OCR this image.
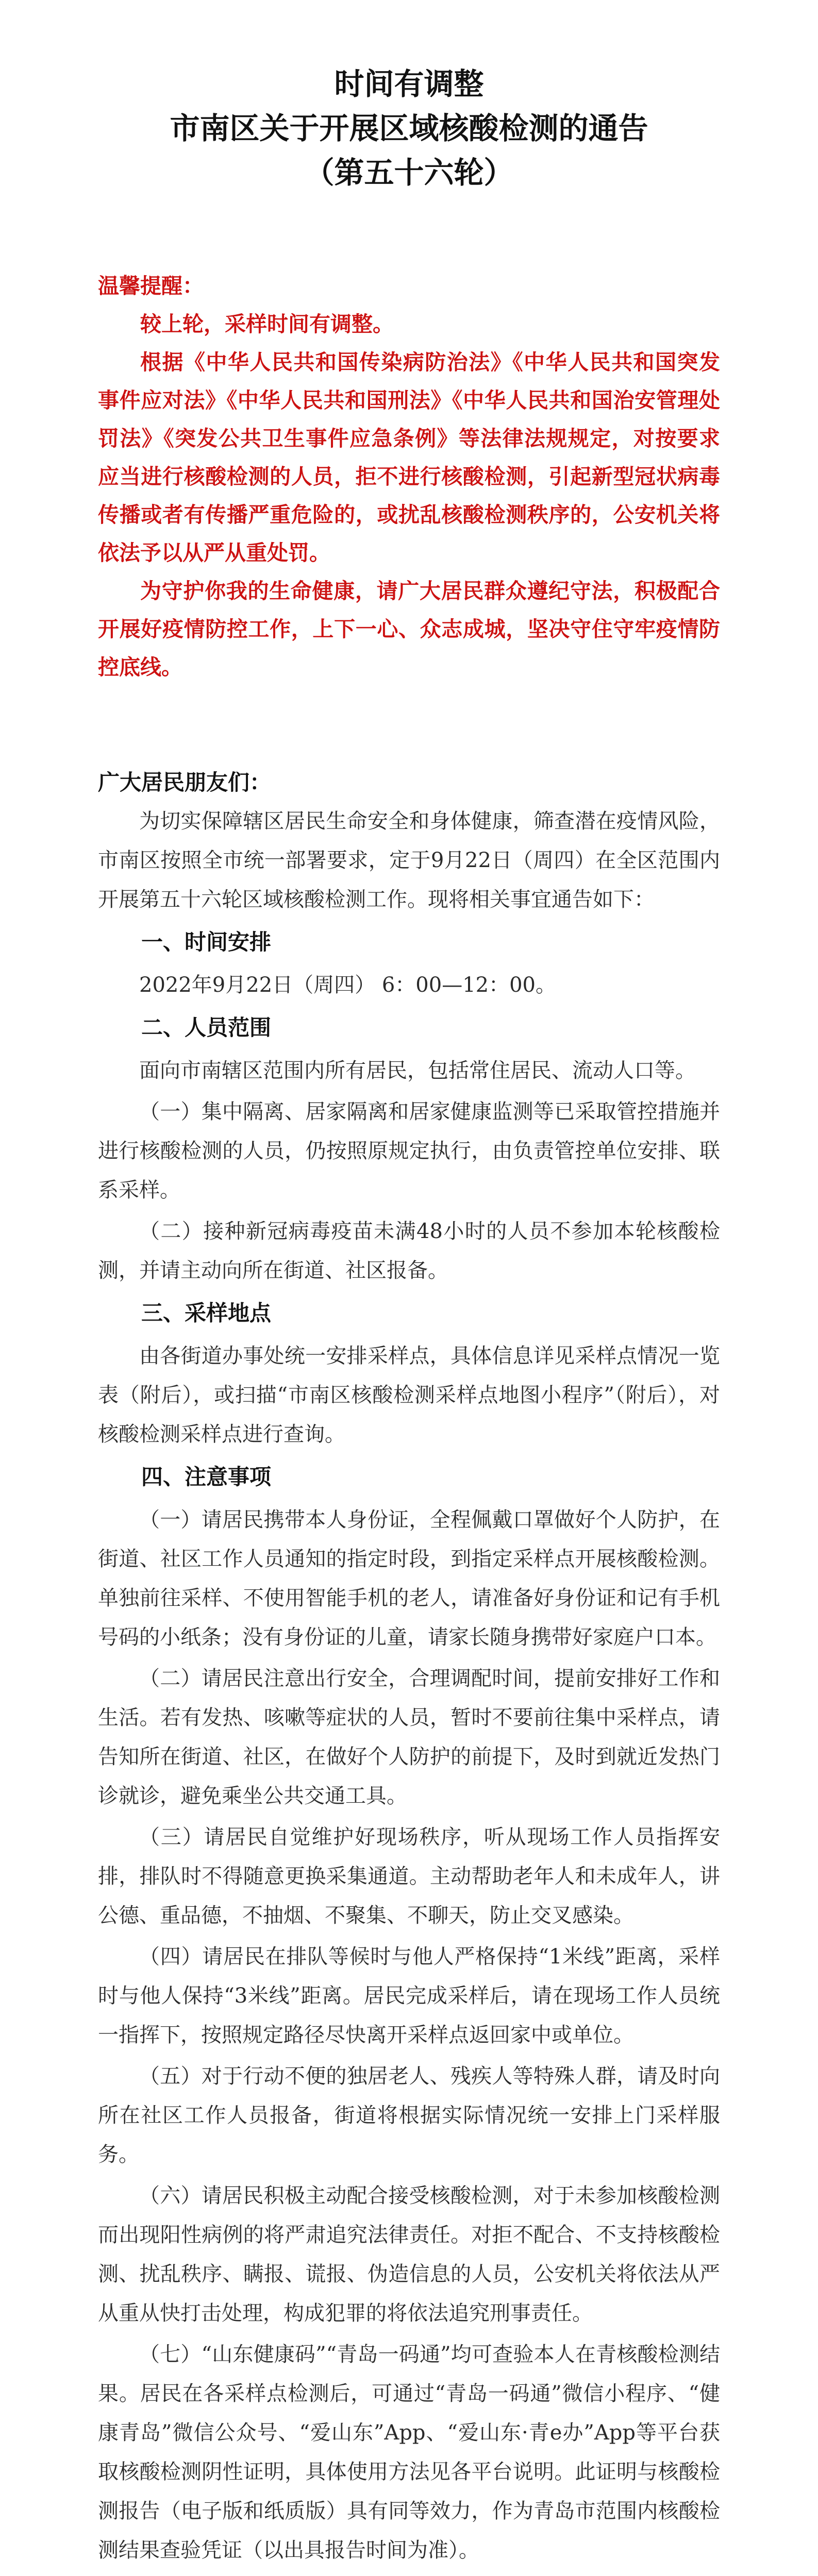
时间有调整
市南区关于开展区域核酸检测的通告
（第五十六轮）

温馨提醒：

较上轮，采样时间有调整。

根据《中华人民共和国传染病防治法》《中华人民共和国突发事件应对法》《中华人民共和国刑法》《中华人民共和国治安管理处罚法》《突发公共卫生事件应急条例》等法律法规规定，对按要求应当进行核酸检测的人员，拒不进行核酸检测，引起新型冠状病毒传播或者有传播严重危险的，或扰乱核酸检测秩序的，公安机关将依法予以从严从重处罚。

为守护你我的生命健康，请广大居民群众遵纪守法，积极配合开展好疫情防控工作，上下一心、众志成城，坚决守住守牢疫情防控底线。

广大居民朋友们：

为切实保障辖区居民生命安全和身体健康，筛查潜在疫情风险，市南区按照全市统一部署要求，定于9月22日（周四）在全区范围内开展第五十六轮区域核酸检测工作。现将相关事宜通告如下：

一、时间安排

2022年9月22日（周四） 6：00—12：00。

二、人员范围

面向市南辖区范围内所有居民，包括常住居民、流动人口等。

（一）集中隔离、居家隔离和居家健康监测等已采取管控措施并进行核酸检测的人员，仍按照原规定执行，由负责管控单位安排、联系采样。

（二）接种新冠病毒疫苗未满48小时的人员不参加本轮核酸检测，并请主动向所在街道、社区报备。

三、采样地点

由各街道办事处统一安排采样点，具体信息详见采样点情况一览表（附后），或扫描“市南区核酸检测采样点地图小程序”（附后），对核酸检测采样点进行查询。

四、注意事项

（一）请居民携带本人身份证，全程佩戴口罩做好个人防护，在街道、社区工作人员通知的指定时段，到指定采样点开展核酸检测。单独前往采样、不使用智能手机的老人，请准备好身份证和记有手机号码的小纸条；没有身份证的儿童，请家长随身携带好家庭户口本。

（二）请居民注意出行安全，合理调配时间，提前安排好工作和生活。若有发热、咳嗽等症状的人员，暂时不要前往集中采样点，请告知所在街道、社区，在做好个人防护的前提下，及时到就近发热门诊就诊，避免乘坐公共交通工具。

（三）请居民自觉维护好现场秩序，听从现场工作人员指挥安排，排队时不得随意更换采集通道。主动帮助老年人和未成年人，讲公德、重品德，不抽烟、不聚集、不聊天，防止交叉感染。

（四）请居民在排队等候时与他人严格保持“1米线”距离，采样时与他人保持“3米线”距离。居民完成采样后，请在现场工作人员统一指挥下，按照规定路径尽快离开采样点返回家中或单位。

（五）对于行动不便的独居老人、残疾人等特殊人群，请及时向所在社区工作人员报备，街道将根据实际情况统一安排上门采样服务。

（六）请居民积极主动配合接受核酸检测，对于未参加核酸检测而出现阳性病例的将严肃追究法律责任。对拒不配合、不支持核酸检测、扰乱秩序、瞒报、谎报、伪造信息的人员，公安机关将依法从严从重从快打击处理，构成犯罪的将依法追究刑事责任。

（七）“山东健康码”“青岛一码通”均可查验本人在青核酸检测结果。居民在各采样点检测后，可通过“青岛一码通”微信小程序、“健康青岛”微信公众号、“爱山东”App、“爱山东·青e办”App等平台获取核酸检测阴性证明，具体使用方法见各平台说明。此证明与核酸检测报告（电子版和纸质版）具有同等效力，作为青岛市范围内核酸检测结果查验凭证（以出具报告时间为准）。
